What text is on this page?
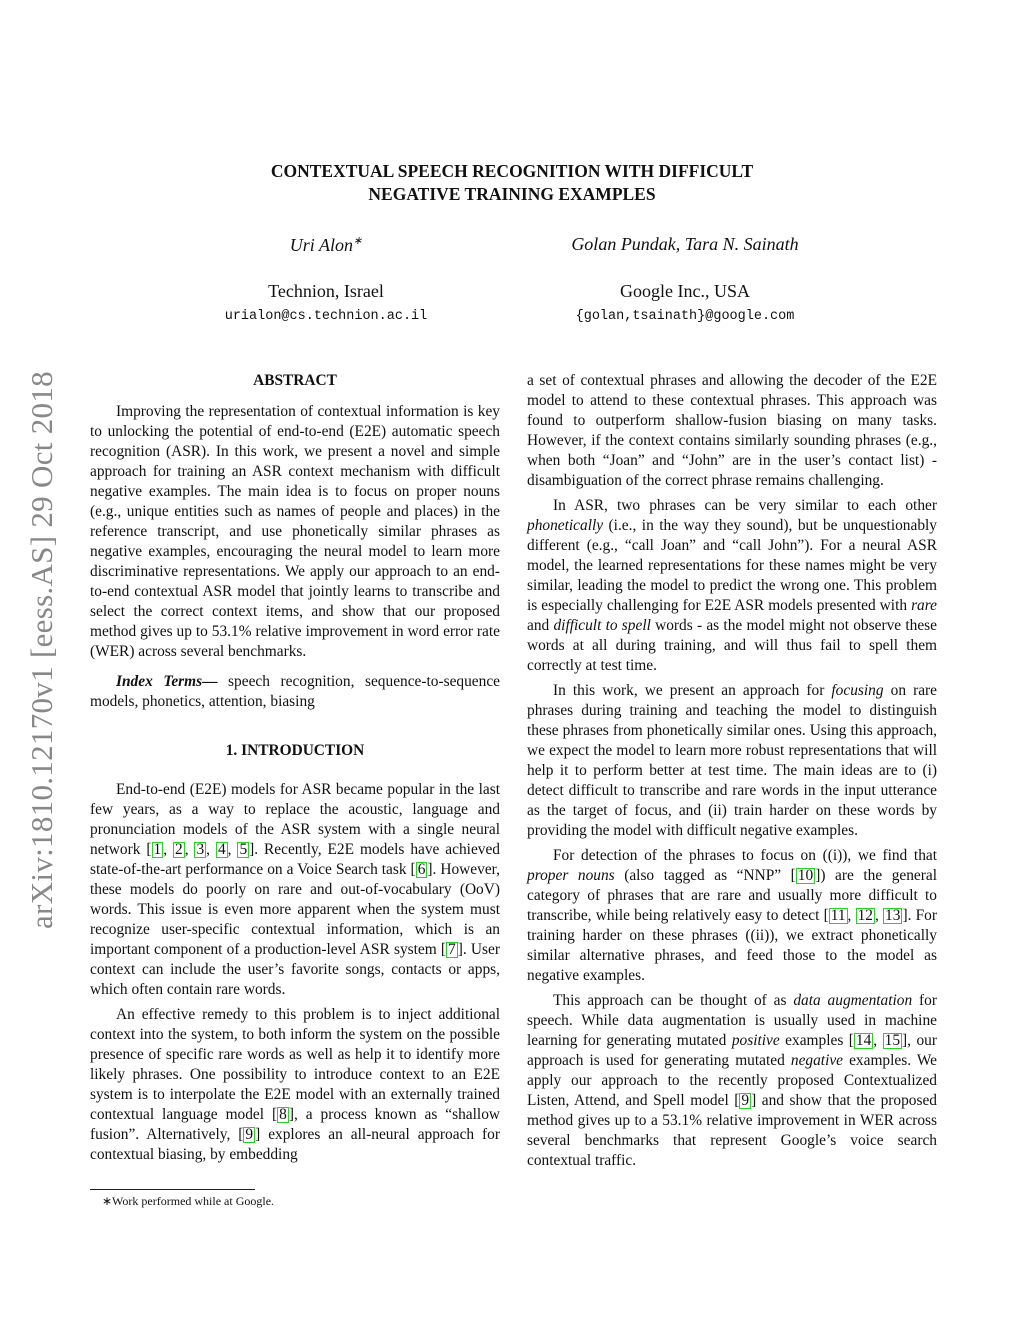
arXiv:1810.12170v1 [eess.AS] 29 Oct 2018
CONTEXTUAL SPEECH RECOGNITION WITH DIFFICULT
NEGATIVE TRAINING EXAMPLES
Uri Alon∗	Golan Pundak, Tara N. Sainath
Technion, Israel	Google Inc., USA
urialon@cs.technion.ac.il	{golan,tsainath}@google.com
ABSTRACT

Improving the representation of contextual information is key to unlocking the potential of end-to-end (E2E) automatic speech recognition (ASR). In this work, we present a novel and simple approach for training an ASR context mechanism with difficult negative examples. The main idea is to focus on proper nouns (e.g., unique entities such as names of people and places) in the reference transcript, and use phonetically similar phrases as negative examples, encouraging the neural model to learn more discriminative representations. We apply our approach to an end-to-end contextual ASR model that jointly learns to transcribe and select the correct context items, and show that our proposed method gives up to 53.1% relative improvement in word error rate (WER) across several benchmarks.

Index Terms— speech recognition, sequence-to-sequence models, phonetics, attention, biasing

1. INTRODUCTION

End-to-end (E2E) models for ASR became popular in the last few years, as a way to replace the acoustic, language and pronunciation models of the ASR system with a single neural network [ 1 , 2 , 3 , 4 , 5 ]. Recently, E2E models have achieved state-of-the-art performance on a Voice Search task [ 6 ]. However, these models do poorly on rare and out-of-vocabulary (OoV) words. This issue is even more apparent when the system must recognize user-specific contextual information, which is an important component of a production-level ASR system [ 7 ]. User context can include the user’s favorite songs, contacts or apps, which often contain rare words.

An effective remedy to this problem is to inject additional context into the system, to both inform the system on the possible presence of specific rare words as well as help it to identify more likely phrases. One possibility to introduce context to an E2E system is to interpolate the E2E model with an externally trained contextual language model [ 8 ], a process known as “shallow fusion”. Alternatively, [ 9 ] explores an all-neural approach for contextual biasing, by embedding

a set of contextual phrases and allowing the decoder of the E2E model to attend to these contextual phrases. This approach was found to outperform shallow-fusion biasing on many tasks. However, if the context contains similarly sounding phrases (e.g., when both “Joan” and “John” are in the user’s contact list) - disambiguation of the correct phrase remains challenging.

In ASR, two phrases can be very similar to each other phonetically (i.e., in the way they sound), but be unquestionably different (e.g., “call Joan” and “call John”). For a neural ASR model, the learned representations for these names might be very similar, leading the model to predict the wrong one. This problem is especially challenging for E2E ASR models presented with rare and difficult to spell words - as the model might not observe these words at all during training, and will thus fail to spell them correctly at test time.

In this work, we present an approach for focusing on rare phrases during training and teaching the model to distinguish these phrases from phonetically similar ones. Using this approach, we expect the model to learn more robust representations that will help it to perform better at test time. The main ideas are to (i) detect difficult to transcribe and rare words in the input utterance as the target of focus, and (ii) train harder on these words by providing the model with difficult negative examples.

For detection of the phrases to focus on ((i)), we find that proper nouns (also tagged as “NNP” [ 10 ]) are the general category of phrases that are rare and usually more difficult to transcribe, while being relatively easy to detect [ 11 , 12 , 13 ]. For training harder on these phrases ((ii)), we extract phonetically similar alternative phrases, and feed those to the model as negative examples.

This approach can be thought of as data augmentation for speech. While data augmentation is usually used in machine learning for generating mutated positive examples [ 14 , 15 ], our approach is used for generating mutated negative examples. We apply our approach to the recently proposed Contextualized Listen, Attend, and Spell model [ 9 ] and show that the proposed method gives up to a 53.1% relative improvement in WER across several benchmarks that represent Google’s voice search contextual traffic.

∗Work performed while at Google.
